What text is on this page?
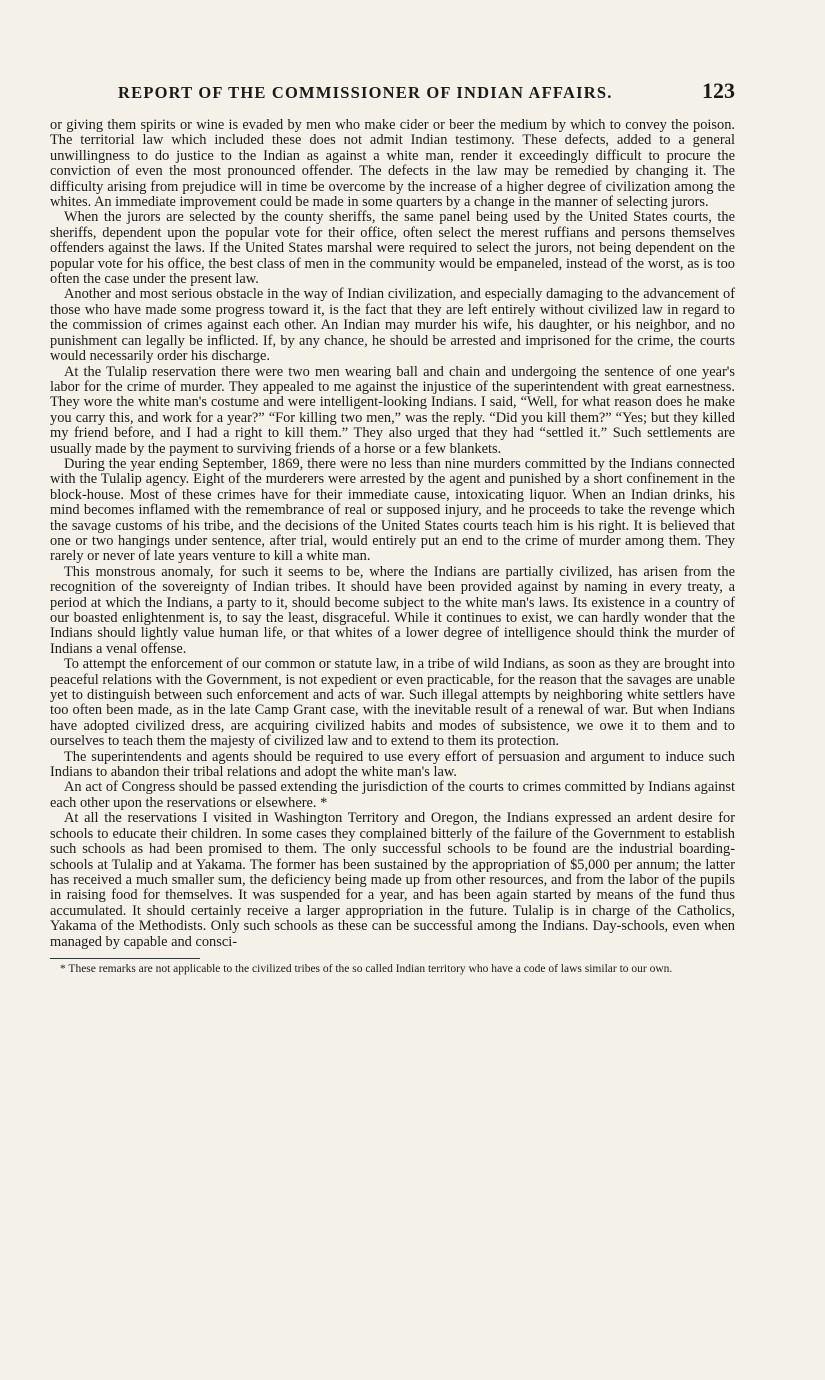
REPORT OF THE COMMISSIONER OF INDIAN AFFAIRS.	123

or giving them spirits or wine is evaded by men who make cider or beer the medium by which to convey the poison. The territorial law which included these does not admit Indian testimony. These defects, added to a general unwillingness to do justice to the Indian as against a white man, render it exceedingly difficult to procure the conviction of even the most pronounced offender. The defects in the law may be remedied by changing it. The difficulty arising from prejudice will in time be overcome by the increase of a higher degree of civilization among the whites. An immediate improvement could be made in some quarters by a change in the manner of selecting jurors.

When the jurors are selected by the county sheriffs, the same panel being used by the United States courts, the sheriffs, dependent upon the popular vote for their office, often select the merest ruffians and persons themselves offenders against the laws. If the United States marshal were required to select the jurors, not being dependent on the popular vote for his office, the best class of men in the community would be empaneled, instead of the worst, as is too often the case under the present law.

Another and most serious obstacle in the way of Indian civilization, and especially damaging to the advancement of those who have made some progress toward it, is the fact that they are left entirely without civilized law in regard to the commission of crimes against each other. An Indian may murder his wife, his daughter, or his neighbor, and no punishment can legally be inflicted. If, by any chance, he should be arrested and imprisoned for the crime, the courts would necessarily order his discharge.

At the Tulalip reservation there were two men wearing ball and chain and undergoing the sentence of one year's labor for the crime of murder. They appealed to me against the injustice of the superintendent with great earnestness. They wore the white man's costume and were intelligent-looking Indians. I said, “Well, for what reason does he make you carry this, and work for a year?” “For killing two men,” was the reply. “Did you kill them?” “Yes; but they killed my friend before, and I had a right to kill them.” They also urged that they had “settled it.” Such settlements are usually made by the payment to surviving friends of a horse or a few blankets.

During the year ending September, 1869, there were no less than nine murders committed by the Indians connected with the Tulalip agency. Eight of the murderers were arrested by the agent and punished by a short confinement in the block-house. Most of these crimes have for their immediate cause, intoxicating liquor. When an Indian drinks, his mind becomes inflamed with the remembrance of real or supposed injury, and he proceeds to take the revenge which the savage customs of his tribe, and the decisions of the United States courts teach him is his right. It is believed that one or two hangings under sentence, after trial, would entirely put an end to the crime of murder among them. They rarely or never of late years venture to kill a white man.

This monstrous anomaly, for such it seems to be, where the Indians are partially civilized, has arisen from the recognition of the sovereignty of Indian tribes. It should have been provided against by naming in every treaty, a period at which the Indians, a party to it, should become subject to the white man's laws. Its existence in a country of our boasted enlightenment is, to say the least, disgraceful. While it continues to exist, we can hardly wonder that the Indians should lightly value human life, or that whites of a lower degree of intelligence should think the murder of Indians a venal offense.

To attempt the enforcement of our common or statute law, in a tribe of wild Indians, as soon as they are brought into peaceful relations with the Government, is not expedient or even practicable, for the reason that the savages are unable yet to distinguish between such enforcement and acts of war. Such illegal attempts by neighboring white settlers have too often been made, as in the late Camp Grant case, with the inevitable result of a renewal of war. But when Indians have adopted civilized dress, are acquiring civilized habits and modes of subsistence, we owe it to them and to ourselves to teach them the majesty of civilized law and to extend to them its protection.

The superintendents and agents should be required to use every effort of persuasion and argument to induce such Indians to abandon their tribal relations and adopt the white man's law.

An act of Congress should be passed extending the jurisdiction of the courts to crimes committed by Indians against each other upon the reservations or elsewhere. *

At all the reservations I visited in Washington Territory and Oregon, the Indians expressed an ardent desire for schools to educate their children. In some cases they complained bitterly of the failure of the Government to establish such schools as had been promised to them. The only successful schools to be found are the industrial boarding-schools at Tulalip and at Yakama. The former has been sustained by the appropriation of $5,000 per annum; the latter has received a much smaller sum, the deficiency being made up from other resources, and from the labor of the pupils in raising food for themselves. It was suspended for a year, and has been again started by means of the fund thus accumulated. It should certainly receive a larger appropriation in the future. Tulalip is in charge of the Catholics, Yakama of the Methodists. Only such schools as these can be successful among the Indians. Day-schools, even when managed by capable and consci-

* These remarks are not applicable to the civilized tribes of the so called Indian territory who have a code of laws similar to our own.
